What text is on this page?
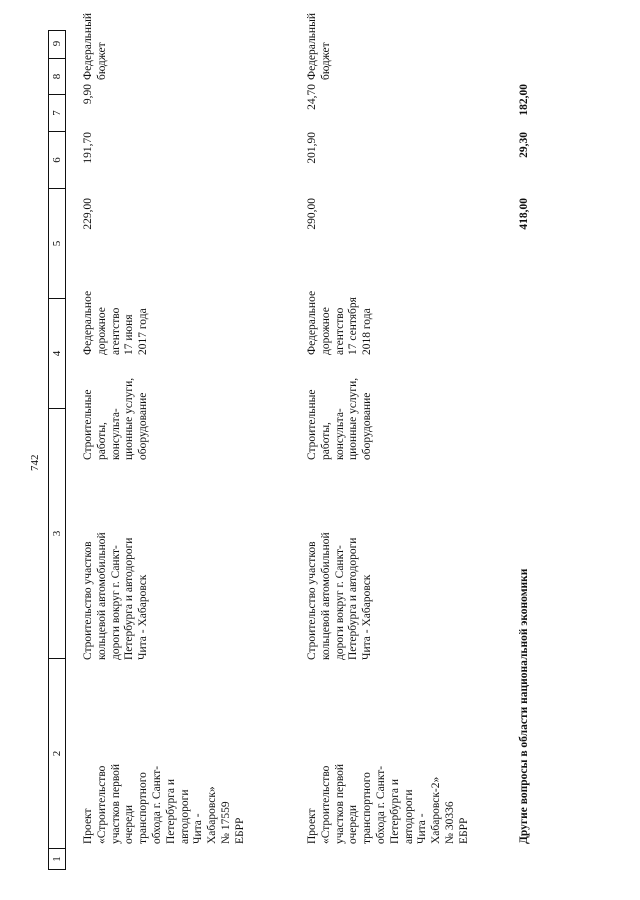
742
1
2
3
4
5
6
7
8
9
Проект
«Строительство
участков первой
очереди
транспортного
обхода г. Санкт-
Петербурга и
автодороги
Чита -
Хабаровск»
№ 17559
ЕБРР
Строительство участков
кольцевой автомобильной
дороги вокруг г. Санкт-
Петербурга и автодороги
Чита - Хабаровск
Строительные
работы,
консульта-
ционные услуги,
оборудование
Федеральное
дорожное
агентство
17 июня
2017 года
229,00
191,70
9,90
Федеральный
бюджет
Проект
«Строительство
участков первой
очереди
транспортного
обхода г. Санкт-
Петербурга и
автодороги
Чита -
Хабаровск-2»
№ 30336
ЕБРР
Строительство участков
кольцевой автомобильной
дороги вокруг г. Санкт-
Петербурга и автодороги
Чита - Хабаровск
Строительные
работы,
консульта-
ционные услуги,
оборудование
Федеральное
дорожное
агентство
17 сентября
2018 года
290,00
201,90
24,70
Федеральный
бюджет
Другие вопросы в области национальной экономики
418,00
29,30
182,00
